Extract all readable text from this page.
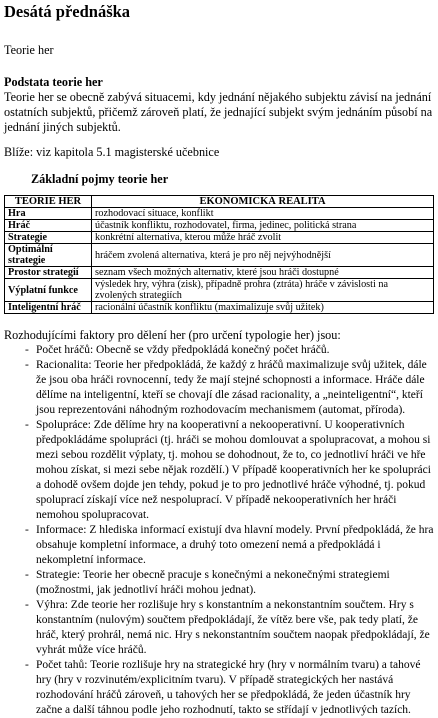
Desátá přednáška

Teorie her

Podstata teorie her
Teorie her se obecně zabývá situacemi, kdy jednání nějakého subjektu závisí na jednání ostatních subjektů, přičemž zároveň platí, že jednající subjekt svým jednáním působí na jednání jiných subjektů.

Blíže: viz kapitola 5.1 magisterské učebnice

Základní pojmy teorie her

TEORIE HER	EKONOMICKÁ REALITA
Hra	rozhodovací situace, konflikt
Hráč	účastník konfliktu, rozhodovatel, firma, jedinec, politická strana
Strategie	konkrétní alternativa, kterou může hráč zvolit
Optimální strategie	hráčem zvolená alternativa, která je pro něj nejvýhodnější
Prostor strategií	seznam všech možných alternativ, které jsou hráči dostupné
Výplatní funkce	výsledek hry, výhra (zisk), případně prohra (ztráta) hráče v závislosti na zvolených strategiích
Inteligentní hráč	racionální účastník konfliktu (maximalizuje svůj užitek)

Rozhodujícími faktory pro dělení her (pro určení typologie her) jsou:

- Počet hráčů: Obecně se vždy předpokládá konečný počet hráčů.
- Racionalita: Teorie her předpokládá, že každý z hráčů maximalizuje svůj užitek, dále že jsou oba hráči rovnocenní, tedy že mají stejné schopnosti a informace. Hráče dále dělíme na inteligentní, kteří se chovají dle zásad racionality, a „neinteligentní“, kteří jsou reprezentováni náhodným rozhodovacím mechanismem (automat, příroda).
- Spolupráce: Zde dělíme hry na kooperativní a nekooperativní. U kooperativních předpokládáme spolupráci (tj. hráči se mohou domlouvat a spolupracovat, a mohou si mezi sebou rozdělit výplaty, tj. mohou se dohodnout, že to, co jednotliví hráči ve hře mohou získat, si mezi sebe nějak rozdělí.) V případě kooperativních her ke spolupráci a dohodě ovšem dojde jen tehdy, pokud je to pro jednotlivé hráče výhodné, tj. pokud spoluprací získají více než nespoluprací. V případě nekooperativních her hráči nemohou spolupracovat.
- Informace: Z hlediska informací existují dva hlavní modely. První předpokládá, že hra obsahuje kompletní informace, a druhý toto omezení nemá a předpokládá i nekompletní informace.
- Strategie: Teorie her obecně pracuje s konečnými a nekonečnými strategiemi (možnostmi, jak jednotliví hráči mohou jednat).
- Výhra: Zde teorie her rozlišuje hry s konstantním a nekonstantním součtem. Hry s konstantním (nulovým) součtem předpokládají, že vítěz bere vše, pak tedy platí, že hráč, který prohrál, nemá nic. Hry s nekonstantním součtem naopak předpokládají, že vyhrát může více hráčů.
- Počet tahů: Teorie rozlišuje hry na strategické hry (hry v normálním tvaru) a tahové hry (hry v rozvinutém/explicitním tvaru). V případě strategických her nastává rozhodování hráčů zároveň, u tahových her se předpokládá, že jeden účastník hry začne a další táhnou podle jeho rozhodnutí, takto se střídají v jednotlivých tazích.
